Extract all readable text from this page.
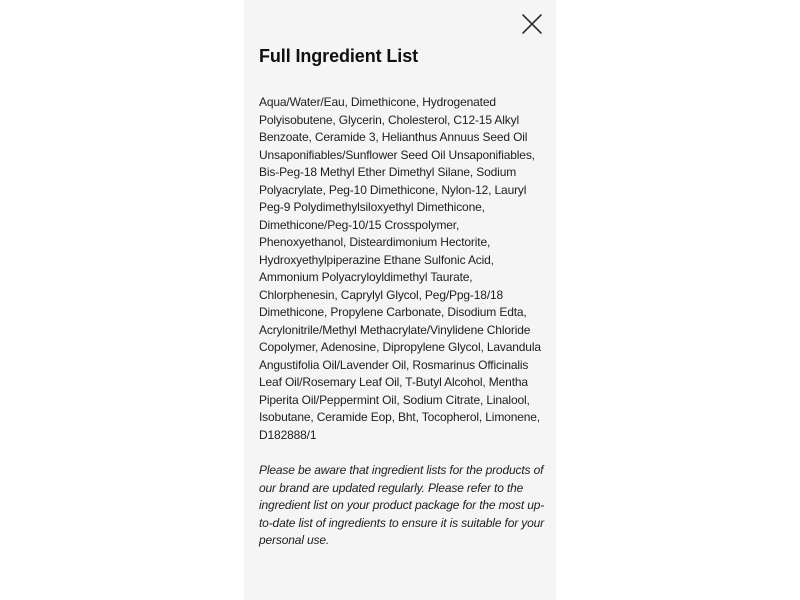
Full Ingredient List

Aqua/Water/Eau, Dimethicone, Hydrogenated Polyisobutene, Glycerin, Cholesterol, C12-15 Alkyl Benzoate, Ceramide 3, Helianthus Annuus Seed Oil Unsaponifiables/Sunflower Seed Oil Unsaponifiables, Bis-Peg-18 Methyl Ether Dimethyl Silane, Sodium Polyacrylate, Peg-10 Dimethicone, Nylon-12, Lauryl Peg-9 Polydimethylsiloxyethyl Dimethicone, Dimethicone/Peg-10/15 Crosspolymer, Phenoxyethanol, Disteardimonium Hectorite, Hydroxyethylpiperazine Ethane Sulfonic Acid, Ammonium Polyacryloyldimethyl Taurate, Chlorphenesin, Caprylyl Glycol, Peg/Ppg-18/18 Dimethicone, Propylene Carbonate, Disodium Edta, Acrylonitrile/Methyl Methacrylate/Vinylidene Chloride Copolymer, Adenosine, Dipropylene Glycol, Lavandula Angustifolia Oil/Lavender Oil, Rosmarinus Officinalis Leaf Oil/Rosemary Leaf Oil, T-Butyl Alcohol, Mentha Piperita Oil/Peppermint Oil, Sodium Citrate, Linalool, Isobutane, Ceramide Eop, Bht, Tocopherol, Limonene, D182888/1

Please be aware that ingredient lists for the products of our brand are updated regularly. Please refer to the ingredient list on your product package for the most up-to-date list of ingredients to ensure it is suitable for your personal use.
